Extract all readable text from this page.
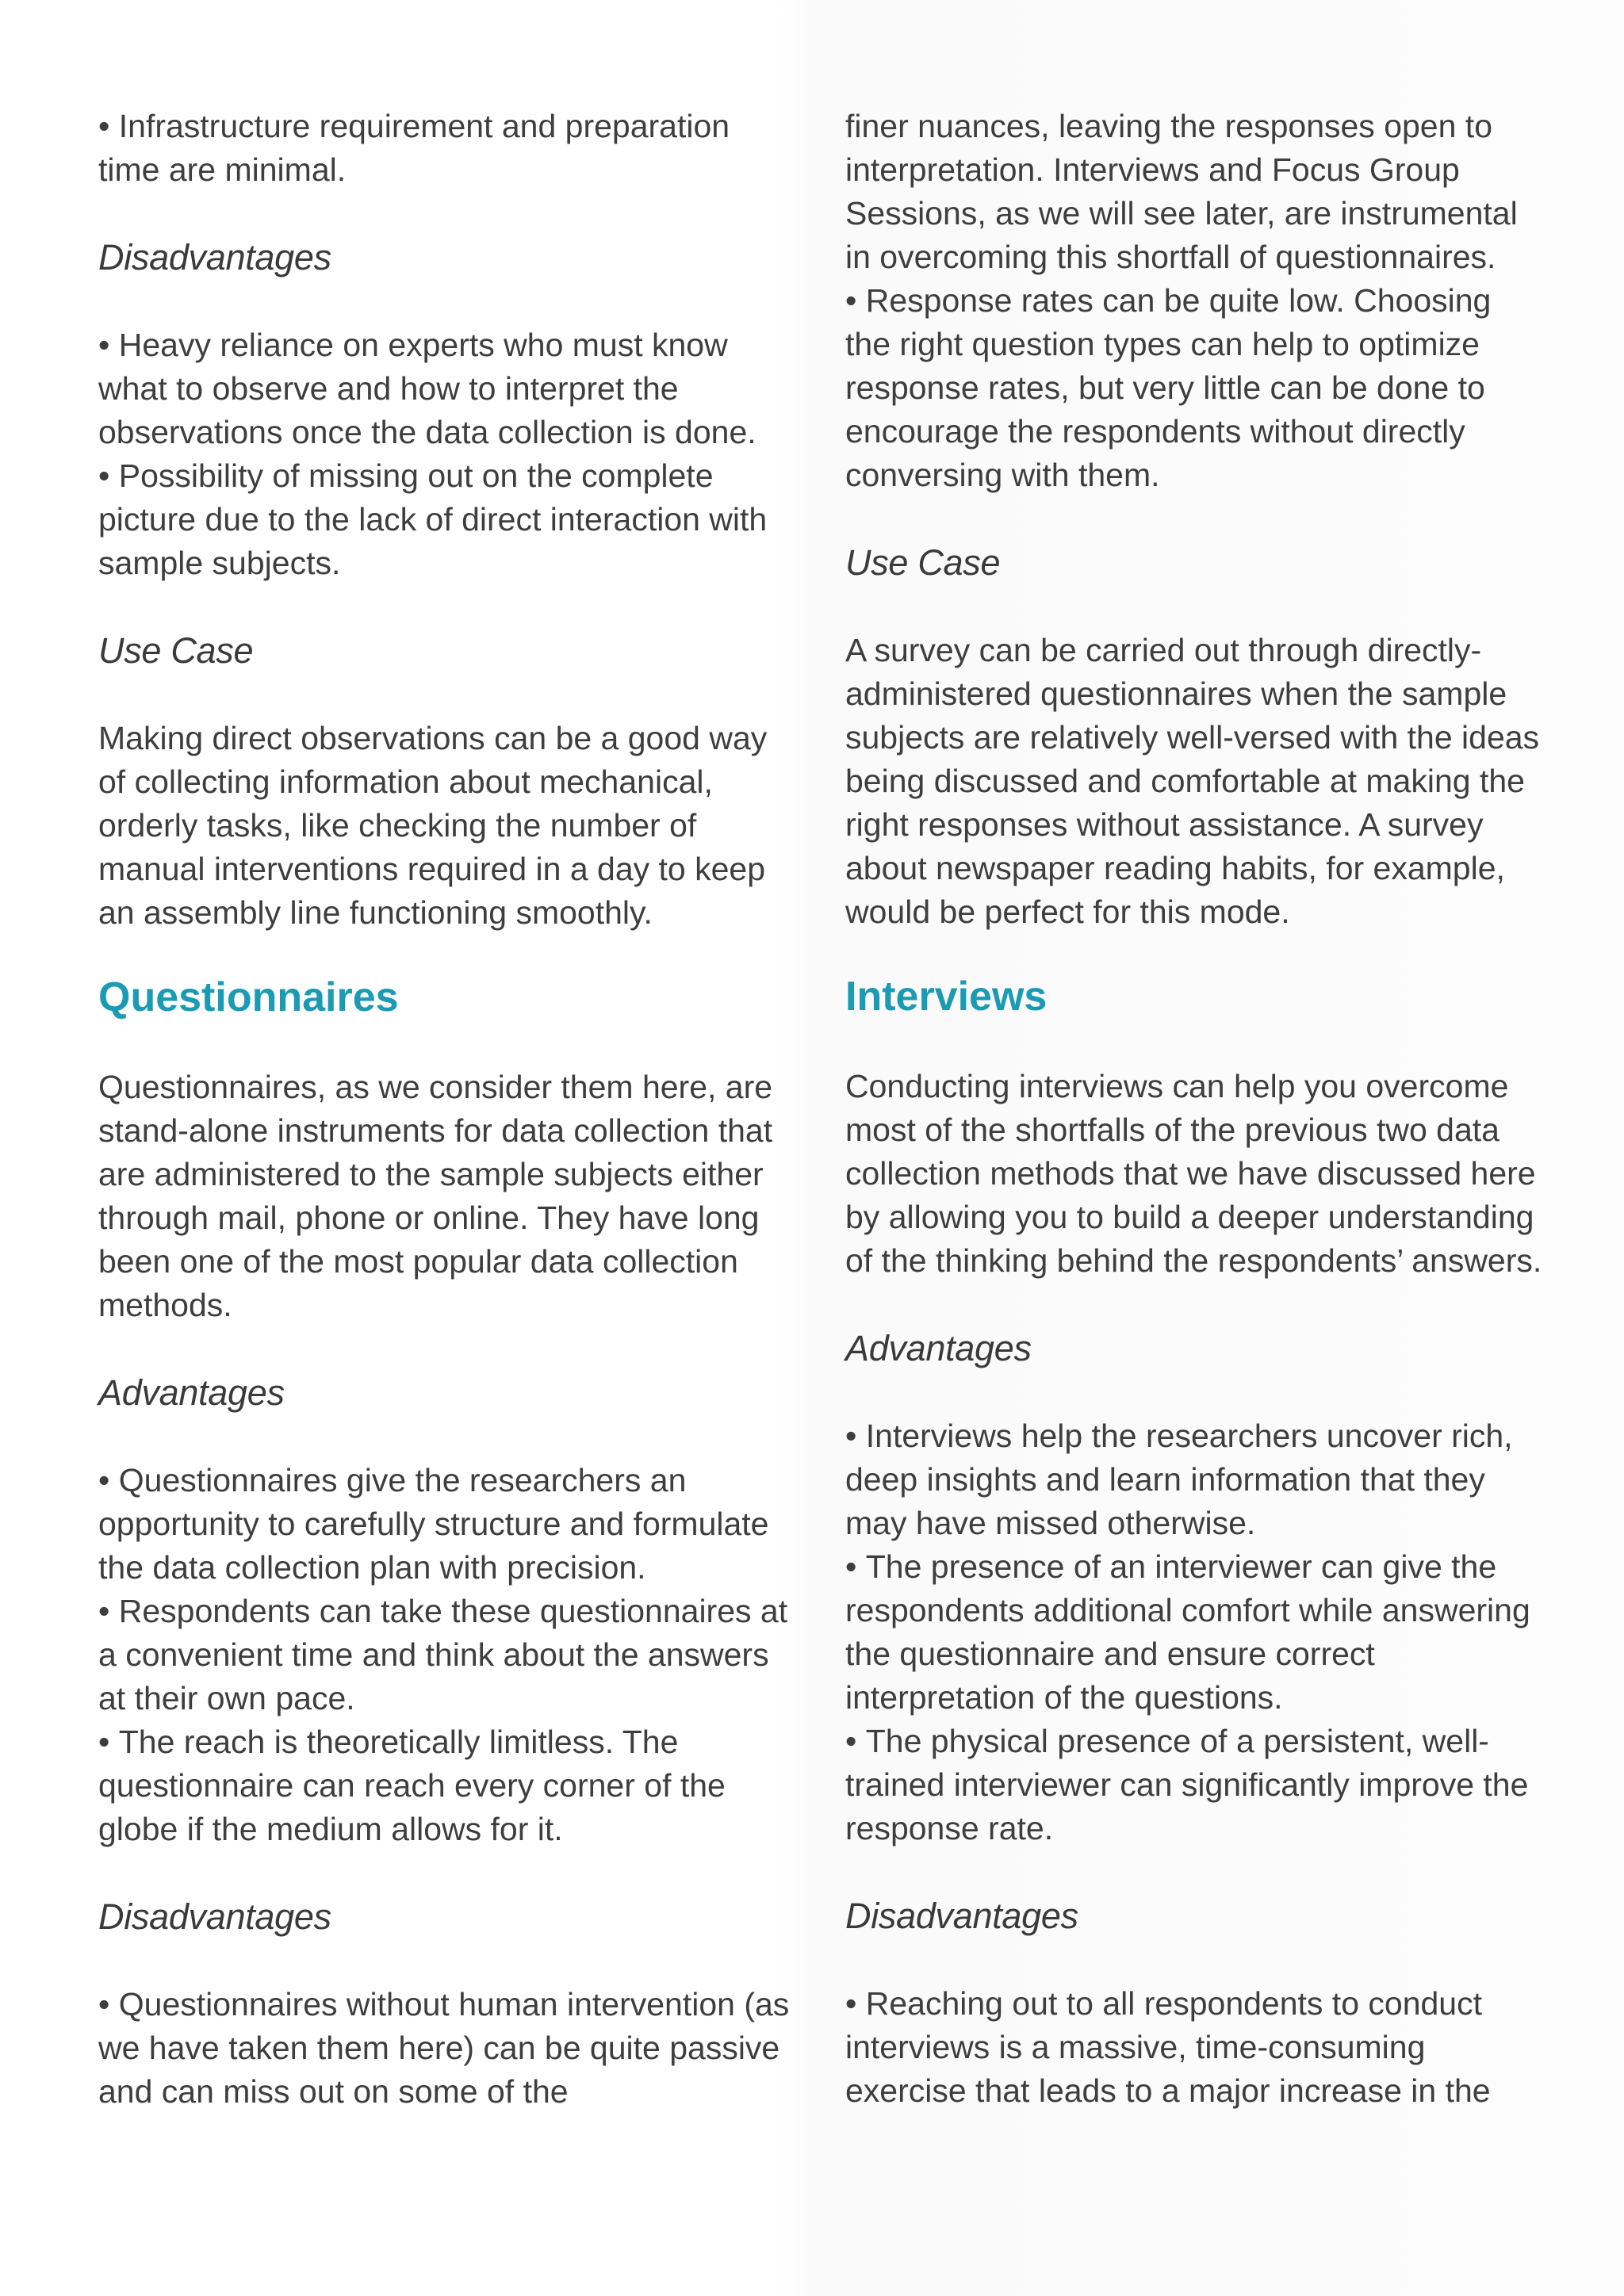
• Infrastructure requirement and preparation time are minimal.

Disadvantages

• Heavy reliance on experts who must know what to observe and how to interpret the observations once the data collection is done.

• Possibility of missing out on the complete picture due to the lack of direct interaction with sample subjects.

Use Case

Making direct observations can be a good way of collecting information about mechanical, orderly tasks, like checking the number of manual interventions required in a day to keep an assembly line functioning smoothly.

Questionnaires

Questionnaires, as we consider them here, are stand-alone instruments for data collection that are administered to the sample subjects either through mail, phone or online. They have long been one of the most popular data collection methods.

Advantages

• Questionnaires give the researchers an opportunity to carefully structure and formulate the data collection plan with precision.

• Respondents can take these questionnaires at a convenient time and think about the answers at their own pace.

• The reach is theoretically limitless. The questionnaire can reach every corner of the globe if the medium allows for it.

Disadvantages

• Questionnaires without human intervention (as we have taken them here) can be quite passive and can miss out on some of the

finer nuances, leaving the responses open to interpretation. Interviews and Focus Group Sessions, as we will see later, are instrumental in overcoming this shortfall of questionnaires.

• Response rates can be quite low. Choosing the right question types can help to optimize response rates, but very little can be done to encourage the respondents without directly conversing with them.

Use Case

A survey can be carried out through directly-administered questionnaires when the sample subjects are relatively well-versed with the ideas being discussed and comfortable at making the right responses without assistance. A survey about newspaper reading habits, for example, would be perfect for this mode.

Interviews

Conducting interviews can help you overcome most of the shortfalls of the previous two data collection methods that we have discussed here by allowing you to build a deeper understanding of the thinking behind the respondents’ answers.

Advantages

• Interviews help the researchers uncover rich, deep insights and learn information that they may have missed otherwise.

• The presence of an interviewer can give the respondents additional comfort while answering the questionnaire and ensure correct interpretation of the questions.

• The physical presence of a persistent, well-trained interviewer can significantly improve the response rate.

Disadvantages

• Reaching out to all respondents to conduct interviews is a massive, time-consuming exercise that leads to a major increase in the
